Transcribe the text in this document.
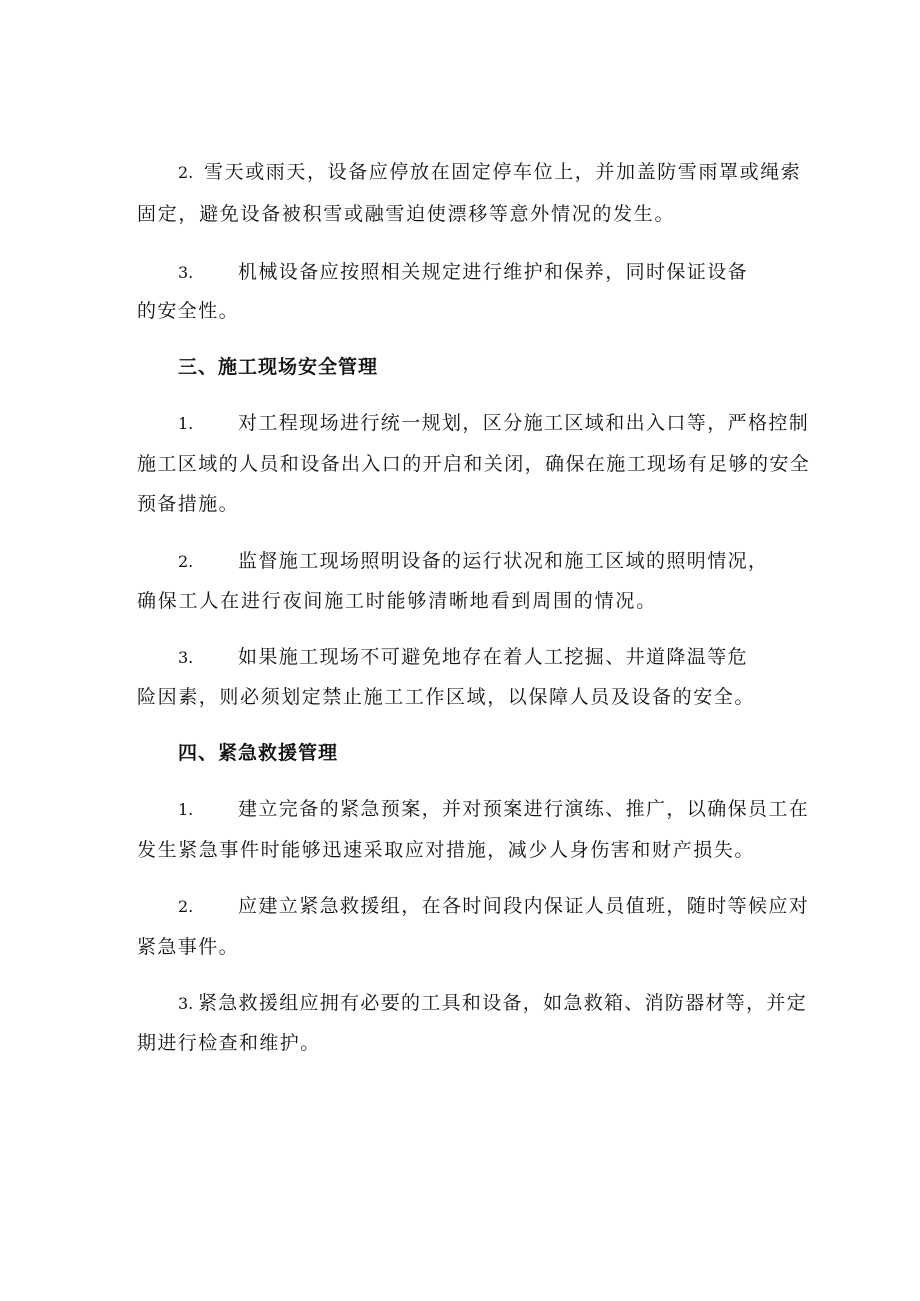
2. 雪天或雨天，设备应停放在固定停车位上，并加盖防雪雨罩或绳索
固定，避免设备被积雪或融雪迫使漂移等意外情况的发生。
3. 机械设备应按照相关规定进行维护和保养，同时保证设备
的安全性。
三、施工现场安全管理
1. 对工程现场进行统一规划，区分施工区域和出入口等，严格控制
施工区域的人员和设备出入口的开启和关闭，确保在施工现场有足够的安全
预备措施。
2. 监督施工现场照明设备的运行状况和施工区域的照明情况，
确保工人在进行夜间施工时能够清晰地看到周围的情况。
3. 如果施工现场不可避免地存在着人工挖掘、井道降温等危
险因素，则必须划定禁止施工工作区域，以保障人员及设备的安全。
四、紧急救援管理
1. 建立完备的紧急预案，并对预案进行演练、推广，以确保员工在
发生紧急事件时能够迅速采取应对措施，减少人身伤害和财产损失。
2. 应建立紧急救援组，在各时间段内保证人员值班，随时等候应对
紧急事件。
3. 紧急救援组应拥有必要的工具和设备，如急救箱、消防器材等，并定
期进行检查和维护。
